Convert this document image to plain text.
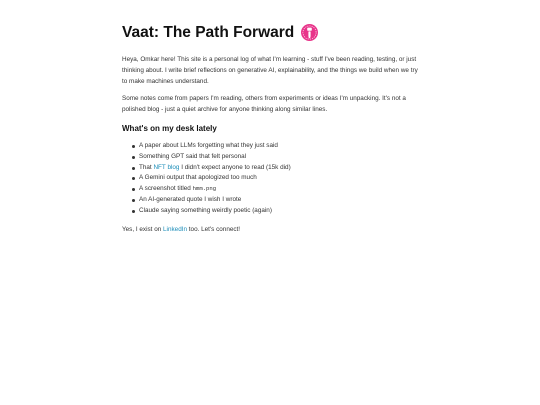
Vaat: The Path Forward

Heya, Omkar here! This site is a personal log of what I'm learning - stuff I've been reading, testing, or just thinking about. I write brief reflections on generative AI, explainability, and the things we build when we try to make machines understand.

Some notes come from papers I'm reading, others from experiments or ideas I'm unpacking. It's not a polished blog - just a quiet archive for anyone thinking along similar lines.

What's on my desk lately
A paper about LLMs forgetting what they just said
Something GPT said that felt personal
That NFT blog I didn't expect anyone to read (15k did)
A Gemini output that apologized too much
A screenshot titled hmm.png
An AI-generated quote I wish I wrote
Claude saying something weirdly poetic (again)

Yes, I exist on LinkedIn too. Let's connect!
